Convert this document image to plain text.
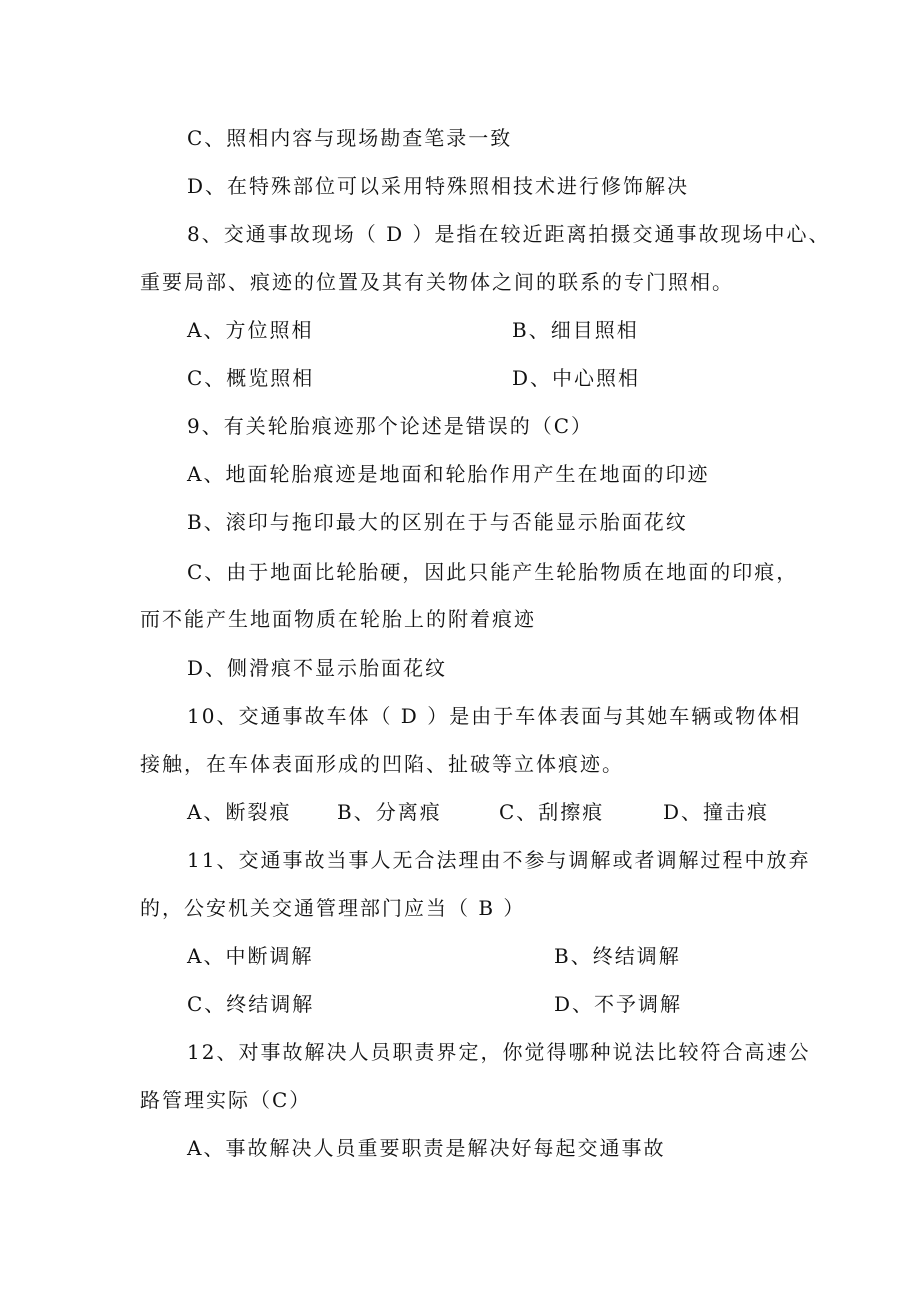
C、照相内容与现场勘查笔录一致
D、在特殊部位可以采用特殊照相技术进行修饰解决
8、交通事故现场（ D ）是指在较近距离拍摄交通事故现场中心、
重要局部、痕迹的位置及其有关物体之间的联系的专门照相。
A、方位照相	B、细目照相
C、概览照相	D、中心照相
9、有关轮胎痕迹那个论述是错误的（C）
A、地面轮胎痕迹是地面和轮胎作用产生在地面的印迹
B、滚印与拖印最大的区别在于与否能显示胎面花纹
C、由于地面比轮胎硬，因此只能产生轮胎物质在地面的印痕，
而不能产生地面物质在轮胎上的附着痕迹
D、侧滑痕不显示胎面花纹
10、交通事故车体（ D ）是由于车体表面与其她车辆或物体相
接触，在车体表面形成的凹陷、扯破等立体痕迹。
A、断裂痕 B、分离痕	C、刮擦痕	D、撞击痕
11、交通事故当事人无合法理由不参与调解或者调解过程中放弃
的，公安机关交通管理部门应当（ B ）
A、中断调解	B、终结调解
C、终结调解	D、不予调解
12、对事故解决人员职责界定，你觉得哪种说法比较符合高速公
路管理实际（C）
A、事故解决人员重要职责是解决好每起交通事故
